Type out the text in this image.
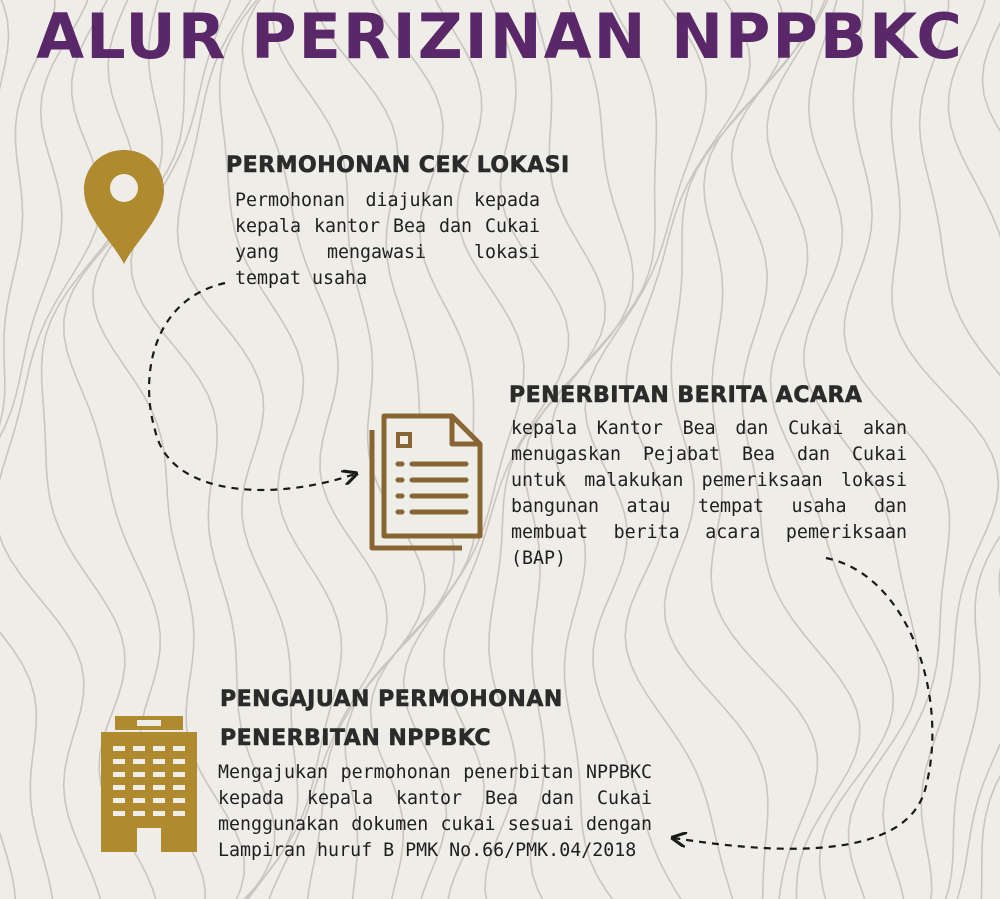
ALUR PERIZINAN NPPBKC
PERMOHONAN CEK LOKASI
Permohonan diajukan kepada kepala kantor Bea dan Cukai yang mengawasi lokasi tempat usaha
PENERBITAN BERITA ACARA
kepala Kantor Bea dan Cukai akan menugaskan Pejabat Bea dan Cukai untuk malakukan pemeriksaan lokasi bangunan atau tempat usaha dan membuat berita acara pemeriksaan (BAP)
PENGAJUAN PERMOHONAN
PENERBITAN NPPBKC
Mengajukan permohonan penerbitan NPPBKC kepada kepala kantor Bea dan Cukai menggunakan dokumen cukai sesuai dengan Lampiran huruf B PMK No.66/PMK.04/2018
